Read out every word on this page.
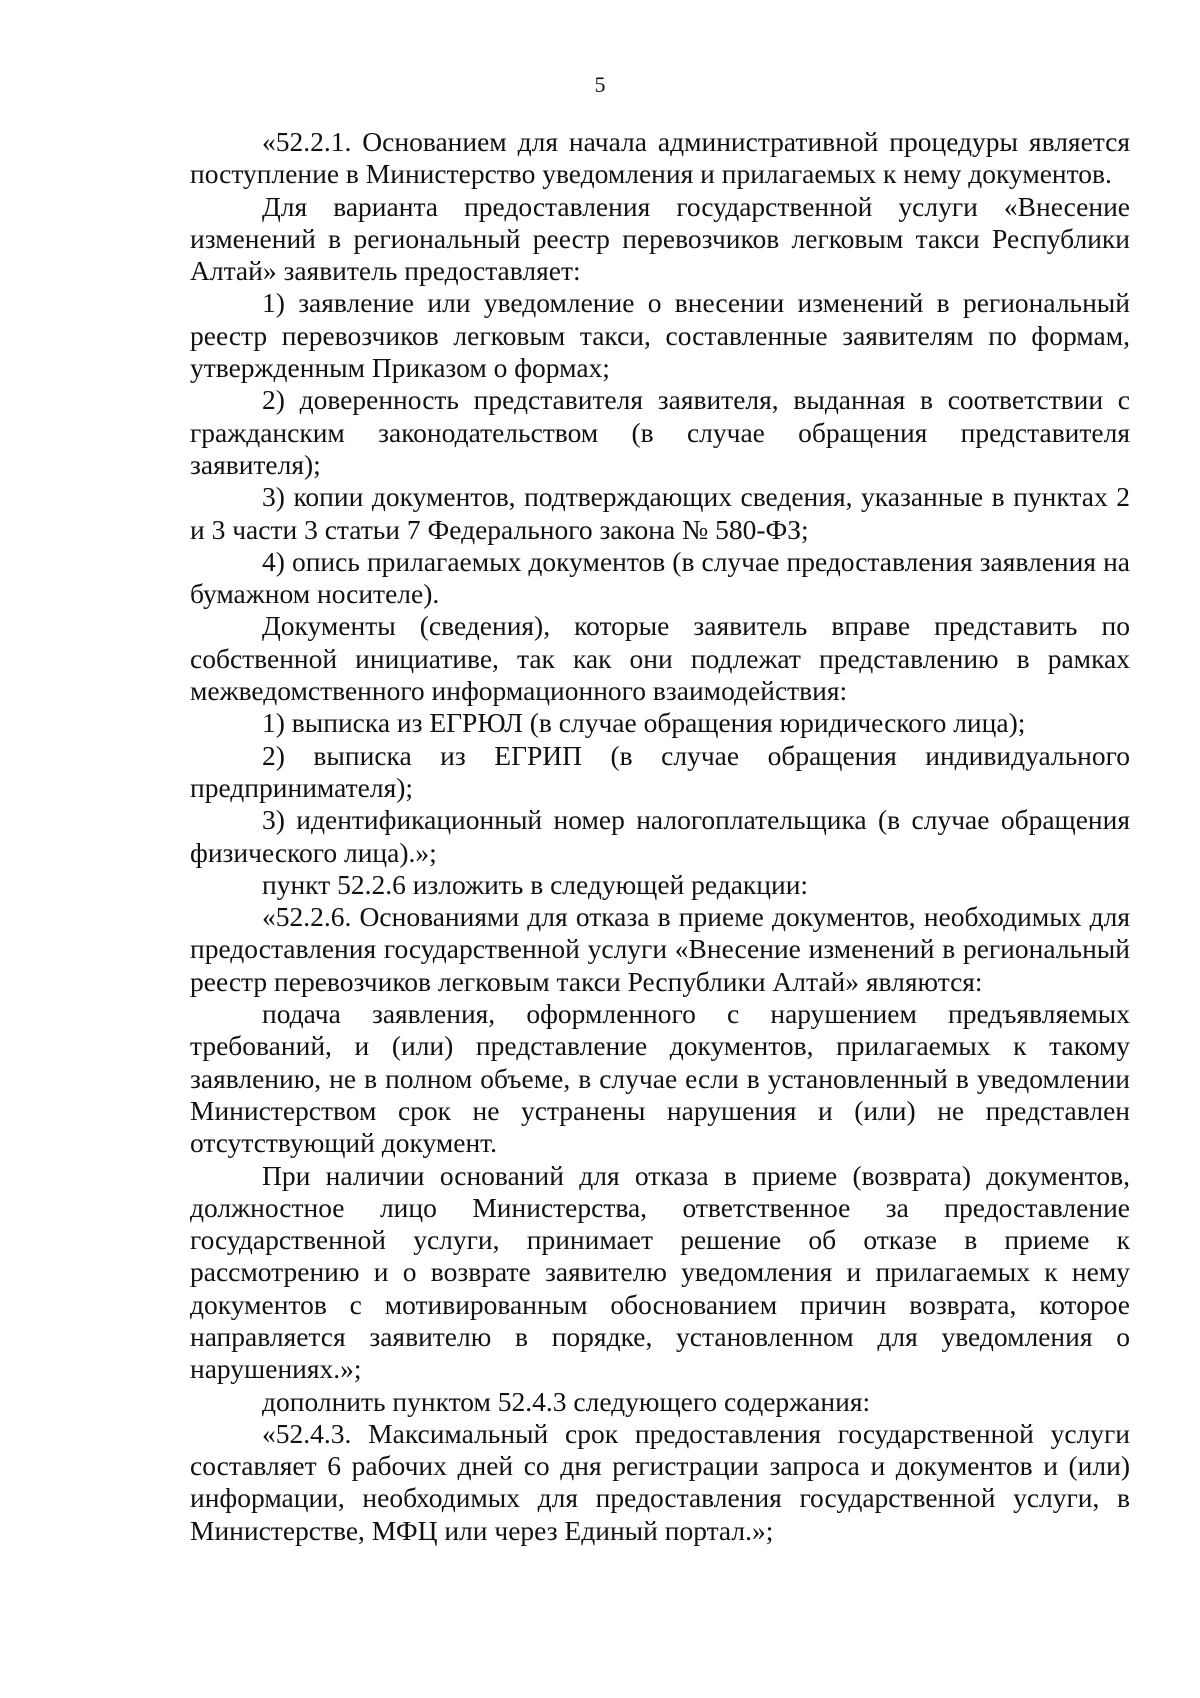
5

«52.2.1. Основанием для начала административной процедуры является поступление в Министерство уведомления и прилагаемых к нему документов.

Для варианта предоставления государственной услуги «Внесение изменений в региональный реестр перевозчиков легковым такси Республики Алтай» заявитель предоставляет:

1) заявление или уведомление о внесении изменений в региональный реестр перевозчиков легковым такси, составленные заявителям по формам, утвержденным Приказом о формах;

2) доверенность представителя заявителя, выданная в соответствии с гражданским законодательством (в случае обращения представителя заявителя);

3) копии документов, подтверждающих сведения, указанные в пунктах 2 и 3 части 3 статьи 7 Федерального закона № 580-ФЗ;

4) опись прилагаемых документов (в случае предоставления заявления на бумажном носителе).

Документы (сведения), которые заявитель вправе представить по собственной инициативе, так как они подлежат представлению в рамках межведомственного информационного взаимодействия:

1) выписка из ЕГРЮЛ (в случае обращения юридического лица);

2) выписка из ЕГРИП (в случае обращения индивидуального предпринимателя);

3) идентификационный номер налогоплательщика (в случае обращения физического лица).»;

пункт 52.2.6 изложить в следующей редакции:

«52.2.6. Основаниями для отказа в приеме документов, необходимых для предоставления государственной услуги «Внесение изменений в региональный реестр перевозчиков легковым такси Республики Алтай» являются:

подача заявления, оформленного с нарушением предъявляемых требований, и (или) представление документов, прилагаемых к такому заявлению, не в полном объеме, в случае если в установленный в уведомлении Министерством срок не устранены нарушения и (или) не представлен отсутствующий документ.

При наличии оснований для отказа в приеме (возврата) документов, должностное лицо Министерства, ответственное за предоставление государственной услуги, принимает решение об отказе в приеме к рассмотрению и о возврате заявителю уведомления и прилагаемых к нему документов с мотивированным обоснованием причин возврата, которое направляется заявителю в порядке, установленном для уведомления о нарушениях.»;

дополнить пунктом 52.4.3 следующего содержания:

«52.4.3. Максимальный срок предоставления государственной услуги составляет 6 рабочих дней со дня регистрации запроса и документов и (или) информации, необходимых для предоставления государственной услуги, в Министерстве, МФЦ или через Единый портал.»;
